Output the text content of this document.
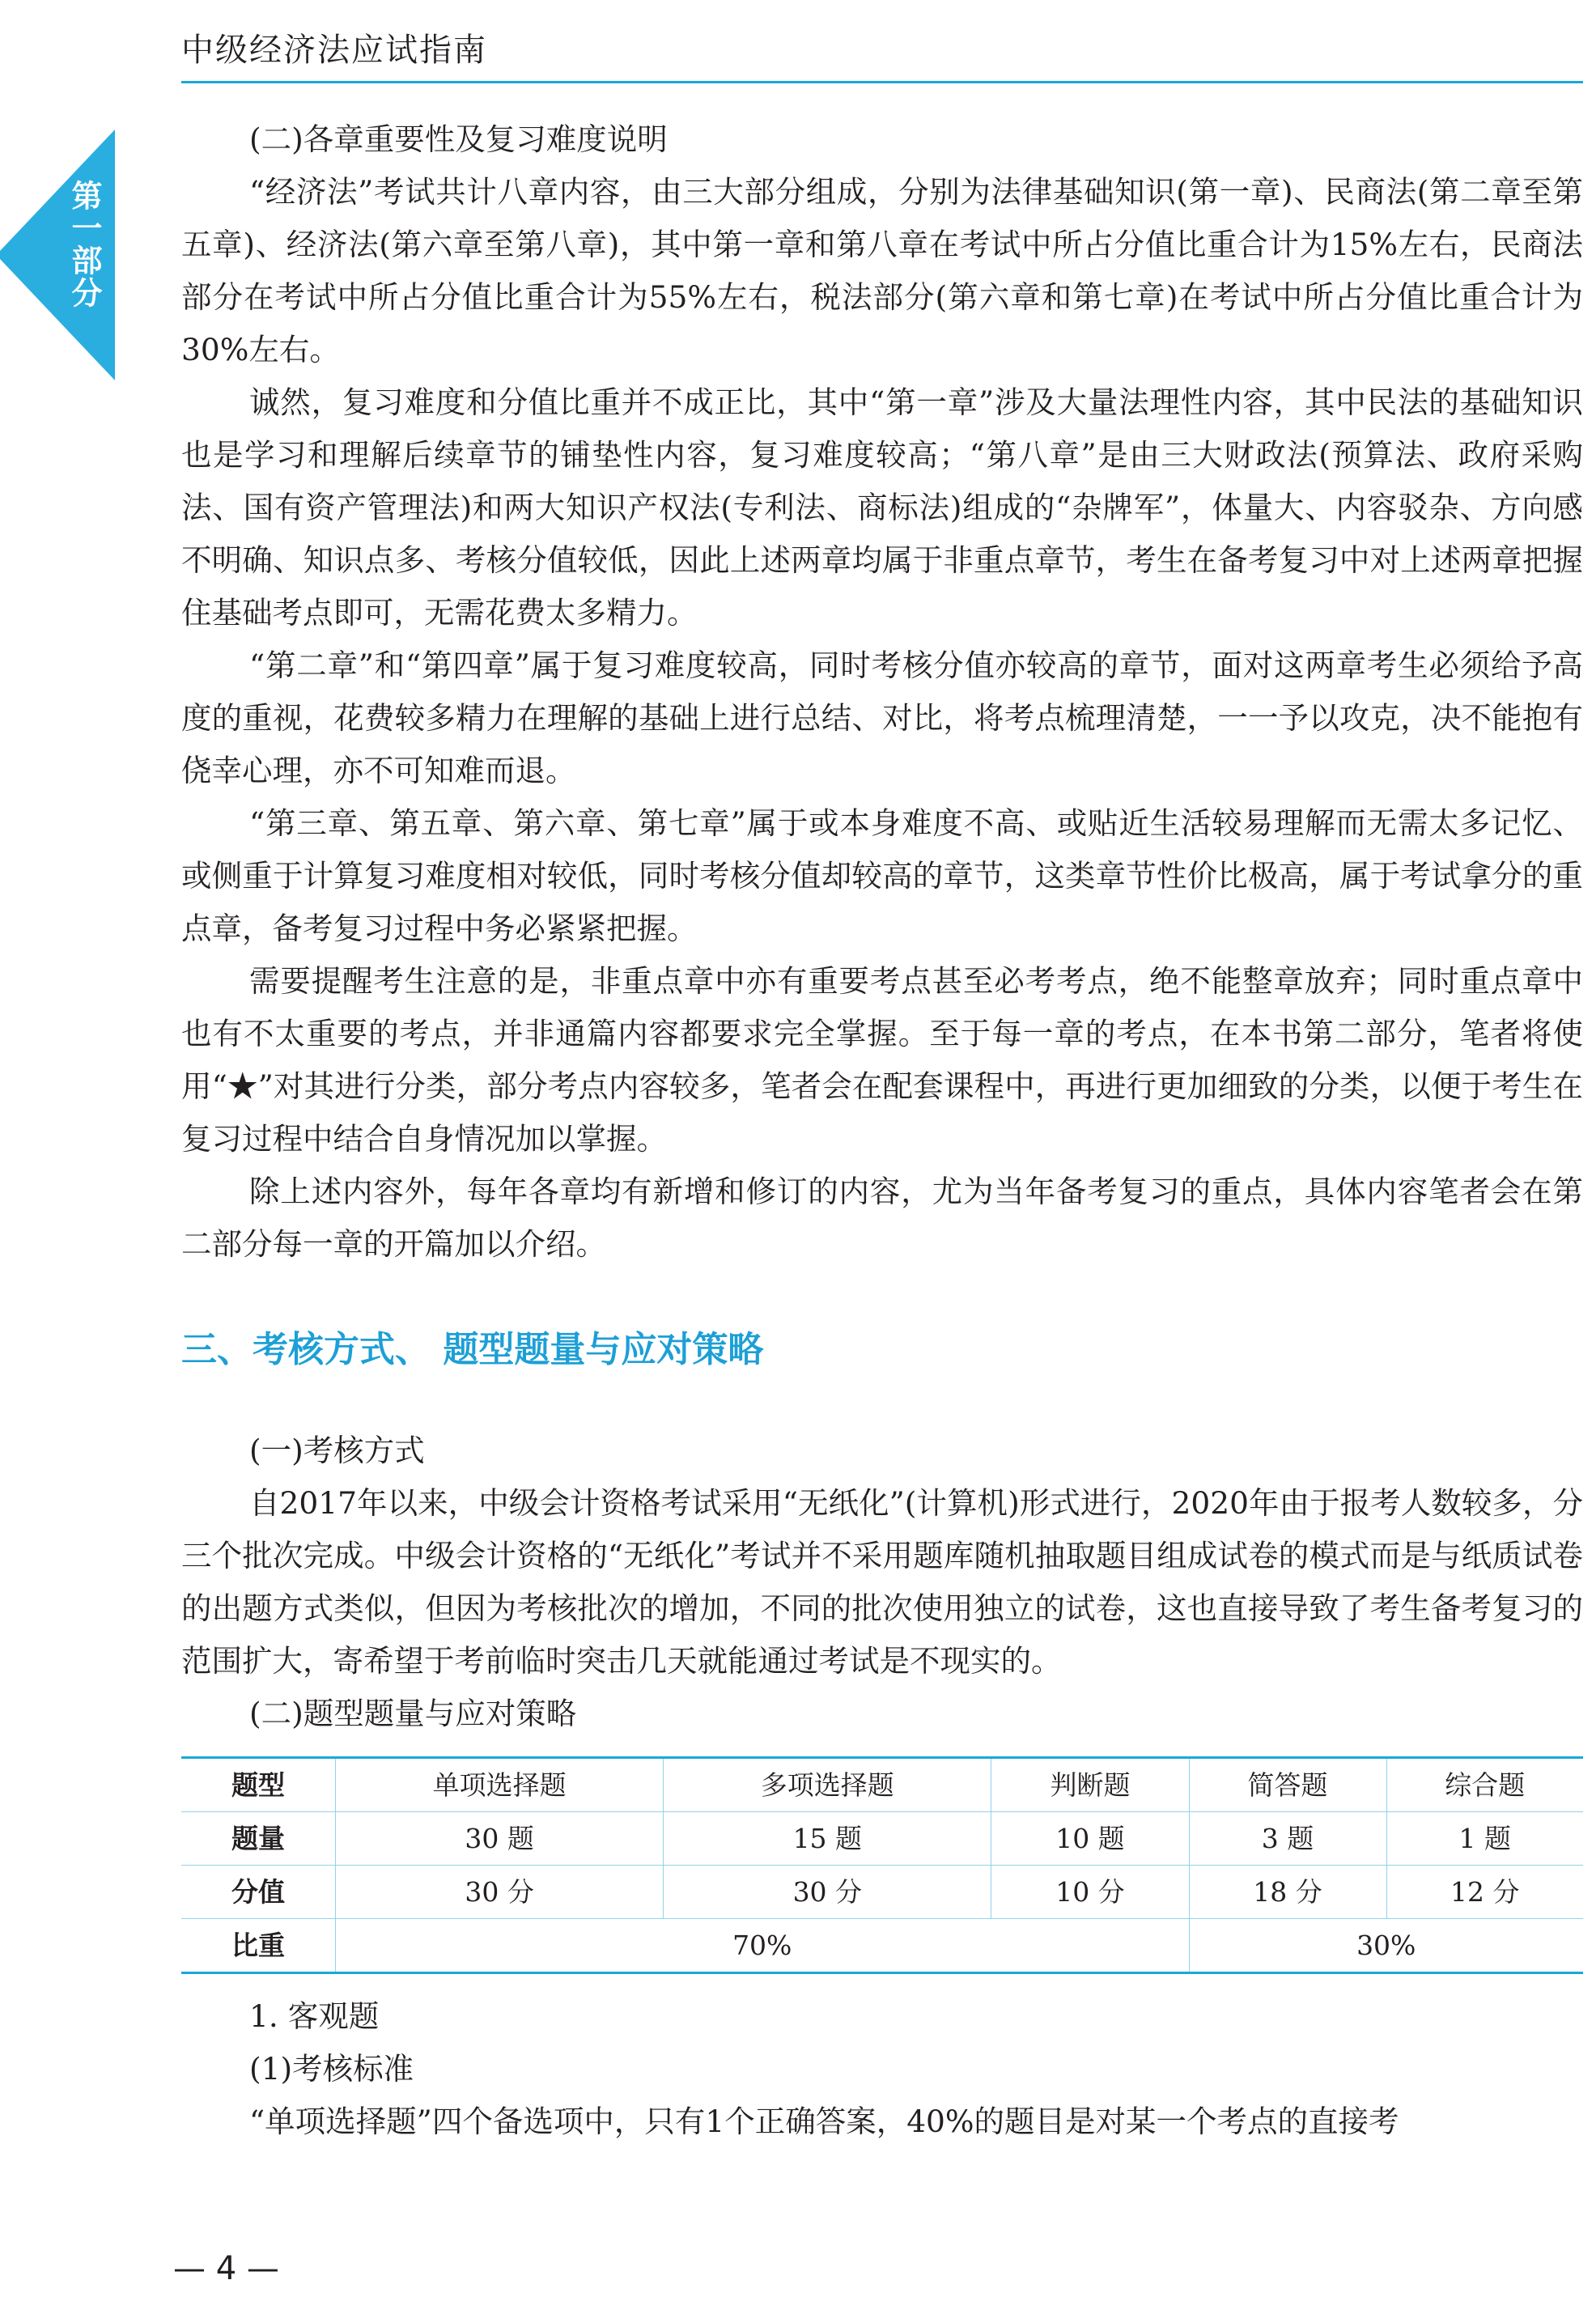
中级经济法应试指南
第一部分

(二)各章重要性及复习难度说明

“经济法”考试共计八章内容，由三大部分组成，分别为法律基础知识(第一章)、民商法(第二章至第五章)、经济法(第六章至第八章)，其中第一章和第八章在考试中所占分值比重合计为15%左右，民商法部分在考试中所占分值比重合计为55%左右，税法部分(第六章和第七章)在考试中所占分值比重合计为30%左右。

诚然，复习难度和分值比重并不成正比，其中“第一章”涉及大量法理性内容，其中民法的基础知识也是学习和理解后续章节的铺垫性内容，复习难度较高；“第八章”是由三大财政法(预算法、政府采购法、国有资产管理法)和两大知识产权法(专利法、商标法)组成的“杂牌军”，体量大、内容驳杂、方向感不明确、知识点多、考核分值较低，因此上述两章均属于非重点章节，考生在备考复习中对上述两章把握住基础考点即可，无需花费太多精力。

“第二章”和“第四章”属于复习难度较高，同时考核分值亦较高的章节，面对这两章考生必须给予高度的重视，花费较多精力在理解的基础上进行总结、对比，将考点梳理清楚，一一予以攻克，决不能抱有侥幸心理，亦不可知难而退。

“第三章、第五章、第六章、第七章”属于或本身难度不高、或贴近生活较易理解而无需太多记忆、或侧重于计算复习难度相对较低，同时考核分值却较高的章节，这类章节性价比极高，属于考试拿分的重点章，备考复习过程中务必紧紧把握。

需要提醒考生注意的是，非重点章中亦有重要考点甚至必考考点，绝不能整章放弃；同时重点章中也有不太重要的考点，并非通篇内容都要求完全掌握。至于每一章的考点，在本书第二部分，笔者将使用“★”对其进行分类，部分考点内容较多，笔者会在配套课程中，再进行更加细致的分类，以便于考生在复习过程中结合自身情况加以掌握。

除上述内容外，每年各章均有新增和修订的内容，尤为当年备考复习的重点，具体内容笔者会在第二部分每一章的开篇加以介绍。

三、考核方式、 题型题量与应对策略

(一)考核方式

自2017年以来，中级会计资格考试采用“无纸化”(计算机)形式进行，2020年由于报考人数较多，分三个批次完成。中级会计资格的“无纸化”考试并不采用题库随机抽取题目组成试卷的模式而是与纸质试卷的出题方式类似，但因为考核批次的增加，不同的批次使用独立的试卷，这也直接导致了考生备考复习的范围扩大，寄希望于考前临时突击几天就能通过考试是不现实的。

(二)题型题量与应对策略

题型	单项选择题	多项选择题	判断题	简答题	综合题
题量	30 题	15 题	10 题	3 题	1 题
分值	30 分	30 分	10 分	18 分	12 分
比重	70%			30%	

1. 客观题

(1)考核标准

“单项选择题”四个备选项中，只有1个正确答案，40%的题目是对某一个考点的直接考

— 4 —
